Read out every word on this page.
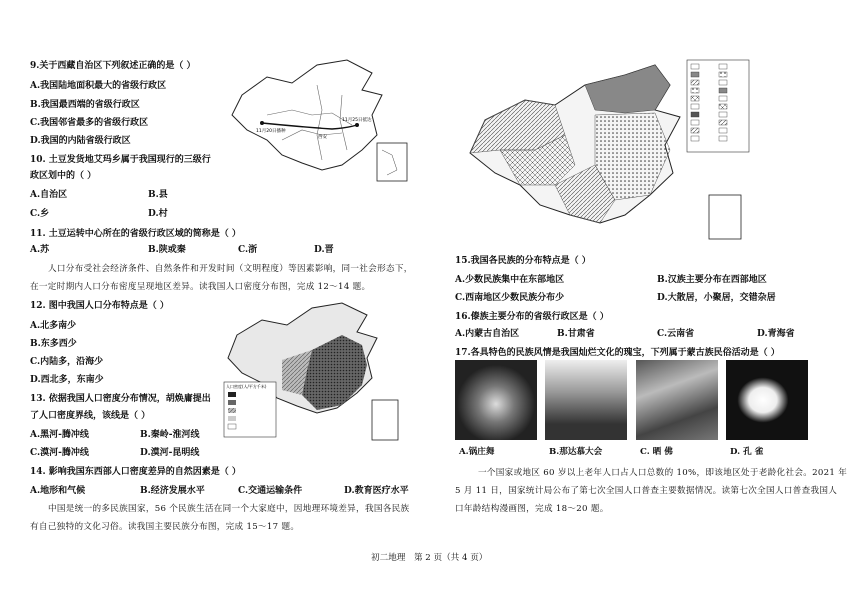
9.关于西藏自治区下列叙述正确的是（ ）
A.我国陆地面积最大的省级行政区
B.我国最西端的省级行政区
C.我国邻省最多的省级行政区
D.我国的内陆省级行政区
10. 土豆发货地艾玛乡属于我国现行的三级行
政区划中的（ ）
A.自治区	B.县
C.乡	D.村
11. 土豆运转中心所在的省级行政区域的简称是（ ）
A.苏	B.陕或秦	C.浙	D.晋
人口分布受社会经济条件、自然条件和开发时间（文明程度）等因素影响，同一社会形态下，
在一定时期内人口分布密度呈现地区差异。读我国人口密度分布图，完成 12～14 题。
12. 图中我国人口分布特点是（ ）
A.北多南少
B.东多西少
C.内陆多，沿海少
D.西北多，东南少
13. 依据我国人口密度分布情况，胡焕庸提出
了人口密度界线，该线是（ ）
A.黑河-腾冲线	B.秦岭-淮河线
C.漠河-腾冲线	D.漠河-昆明线
14. 影响我国东西部人口密度差异的自然因素是（ ）
A.地形和气候	B.经济发展水平	C.交通运输条件	D.教育医疗水平
中国是统一的多民族国家，56 个民族生活在同一个大家庭中，因地理环境差异，我国各民族
有自己独特的文化习俗。读我国主要民族分布图，完成 15～17 题。
11月20日播种
11月25日抵达
西安
人口密度(人/平方千米)
15.我国各民族的分布特点是（ ）
A.少数民族集中在东部地区	B.汉族主要分布在西部地区
C.西南地区少数民族分布少	D.大散居，小聚居，交错杂居
16.傣族主要分布的省级行政区是（ ）
A.内蒙古自治区	B.甘肃省	C.云南省	D.青海省
17.各具特色的民族风情是我国灿烂文化的瑰宝，下列属于蒙古族民俗活动是（ ）
A.锅庄舞	B.那达慕大会	C. 晒 佛	D. 孔 雀
一个国家或地区 60 岁以上老年人口占人口总数的 10%，即该地区处于老龄化社会。2021 年
5 月 11 日，国家统计局公布了第七次全国人口普查主要数据情况。读第七次全国人口普查我国人
口年龄结构漫画图，完成 18～20 题。
初二地理　第 2 页（共 4 页）
